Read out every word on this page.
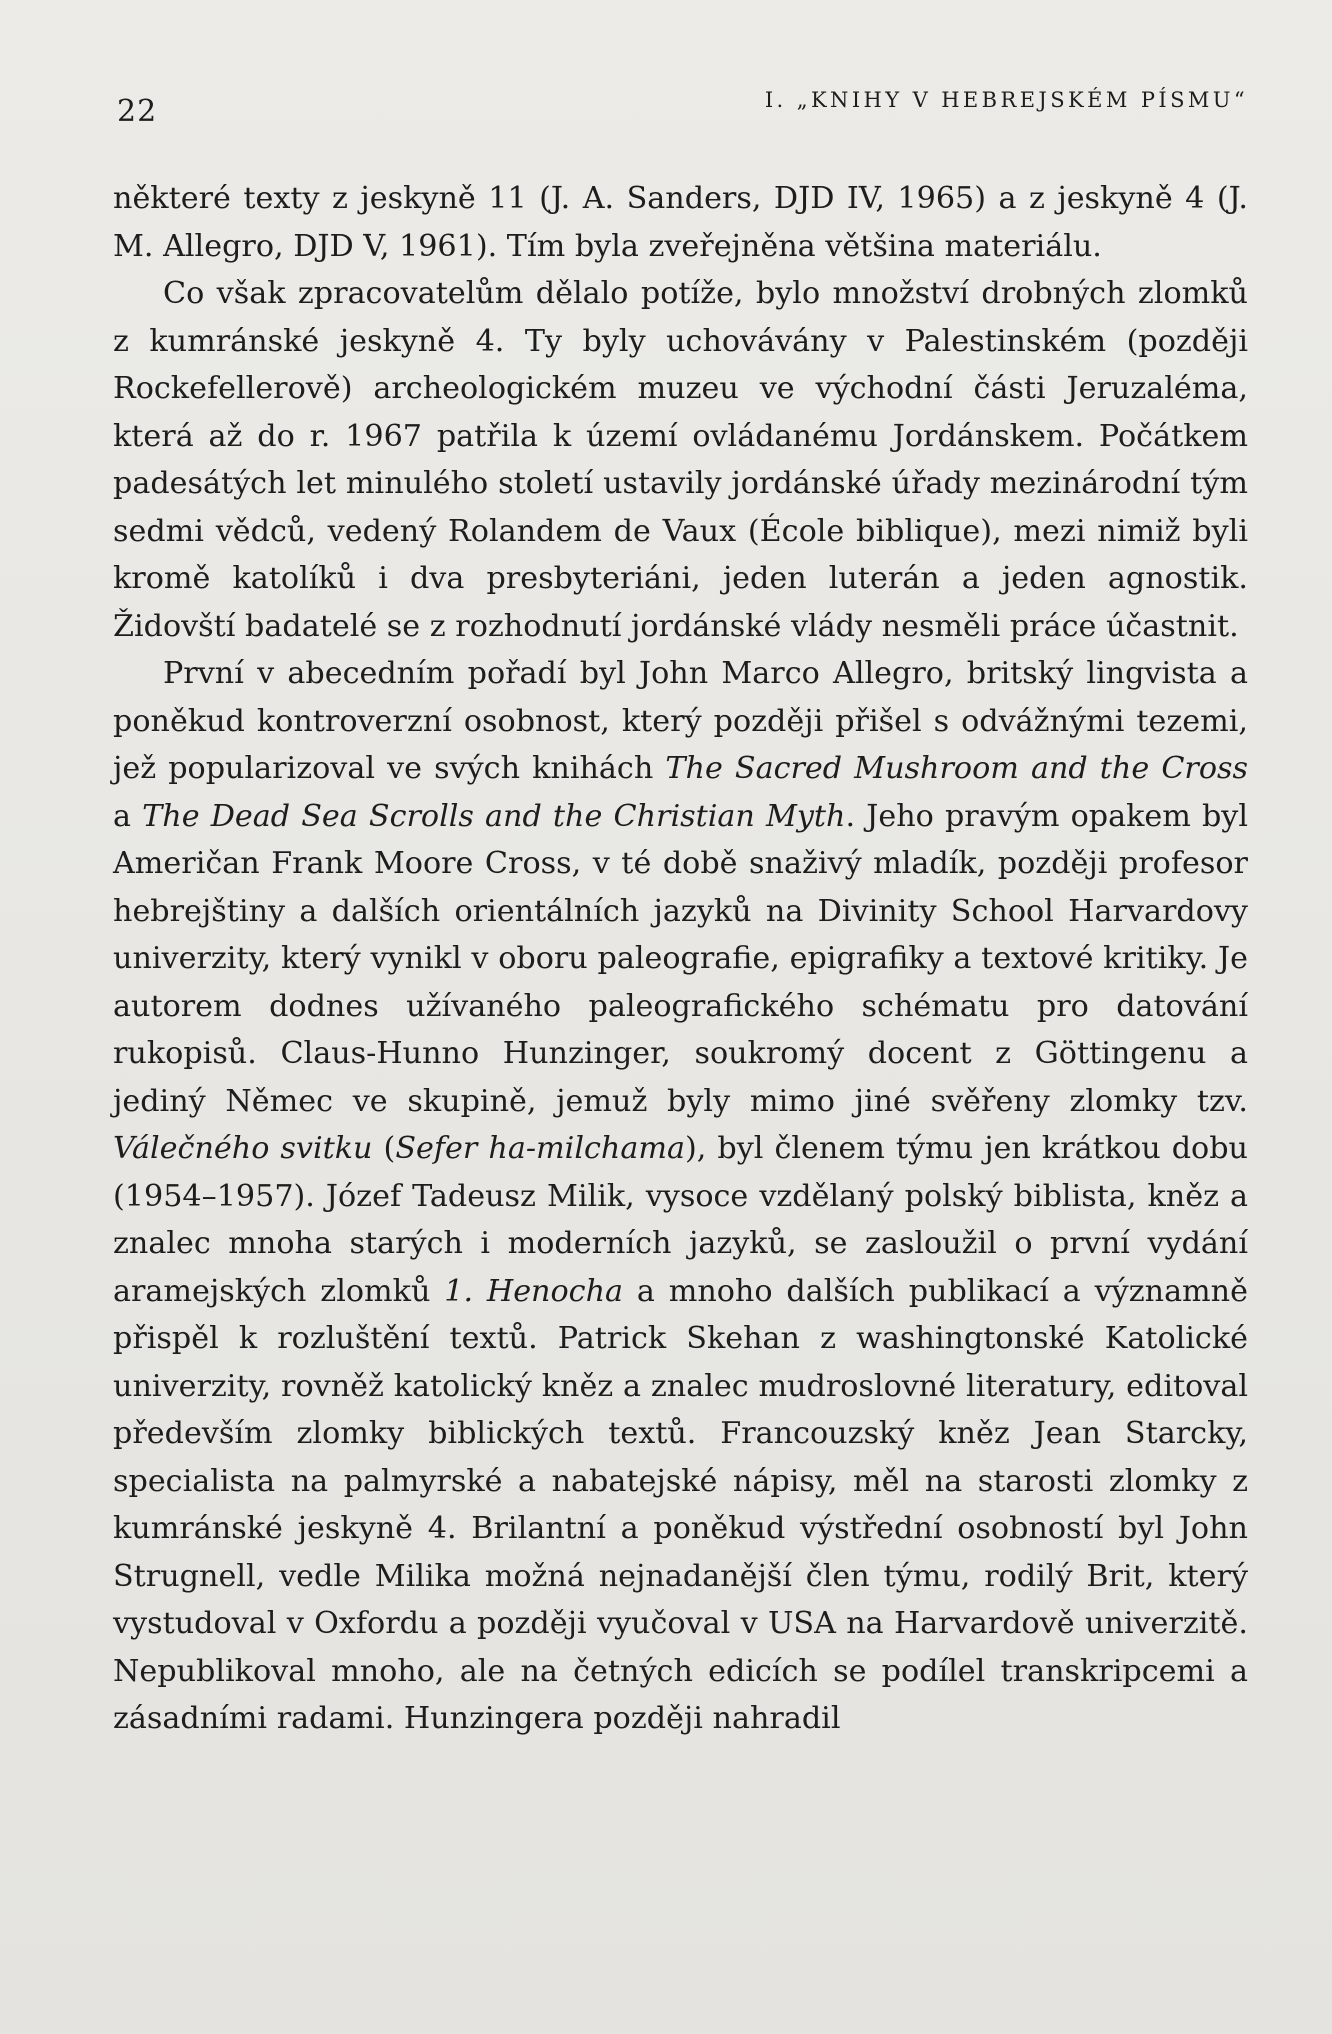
22	I. „KNIHY V HEBREJSKÉM PÍSMU“

některé texty z jeskyně 11 (J. A. Sanders, DJD IV, 1965) a z jeskyně 4 (J. M. Allegro, DJD V, 1961). Tím byla zveřejněna většina materiálu.

Co však zpracovatelům dělalo potíže, bylo množství drobných zlomků z kumránské jeskyně 4. Ty byly uchovávány v Palestinském (později Rockefellerově) archeologickém muzeu ve východní části Jeruzaléma, která až do r. 1967 patřila k území ovládanému Jordánskem. Počátkem padesátých let minulého století ustavily jordánské úřady mezinárodní tým sedmi vědců, vedený Rolandem de Vaux (École biblique), mezi nimiž byli kromě katolíků i dva presbyteriáni, jeden luterán a jeden agnostik. Židovští badatelé se z rozhodnutí jordánské vlády nesměli práce účastnit.

První v abecedním pořadí byl John Marco Allegro, britský lingvista a poněkud kontroverzní osobnost, který později přišel s odvážnými tezemi, jež popularizoval ve svých knihách The Sacred Mushroom and the Cross a The Dead Sea Scrolls and the Christian Myth. Jeho pravým opakem byl Američan Frank Moore Cross, v té době snaživý mladík, později profesor hebrejštiny a dalších orientálních jazyků na Divinity School Harvardovy univerzity, který vynikl v oboru paleografie, epigrafiky a textové kritiky. Je autorem dodnes užívaného paleografického schématu pro datování rukopisů. Claus-Hunno Hunzinger, soukromý docent z Göttingenu a jediný Němec ve skupině, jemuž byly mimo jiné svěřeny zlomky tzv. Válečného svitku (Sefer ha-milchama), byl členem týmu jen krátkou dobu (1954–1957). Józef Tadeusz Milik, vysoce vzdělaný polský biblista, kněz a znalec mnoha starých i moderních jazyků, se zasloužil o první vydání aramejských zlomků 1. Henocha a mnoho dalších publikací a významně přispěl k rozluštění textů. Patrick Skehan z washingtonské Katolické univerzity, rovněž katolický kněz a znalec mudroslovné literatury, editoval především zlomky biblických textů. Francouzský kněz Jean Starcky, specialista na palmyrské a nabatejské nápisy, měl na starosti zlomky z kumránské jeskyně 4. Brilantní a poněkud výstřední osobností byl John Strugnell, vedle Milika možná nejnadanější člen týmu, rodilý Brit, který vystudoval v Oxfordu a později vyučoval v USA na Harvardově univerzitě. Nepublikoval mnoho, ale na četných edicích se podílel transkripcemi a zásadními radami. Hunzingera později nahradil
